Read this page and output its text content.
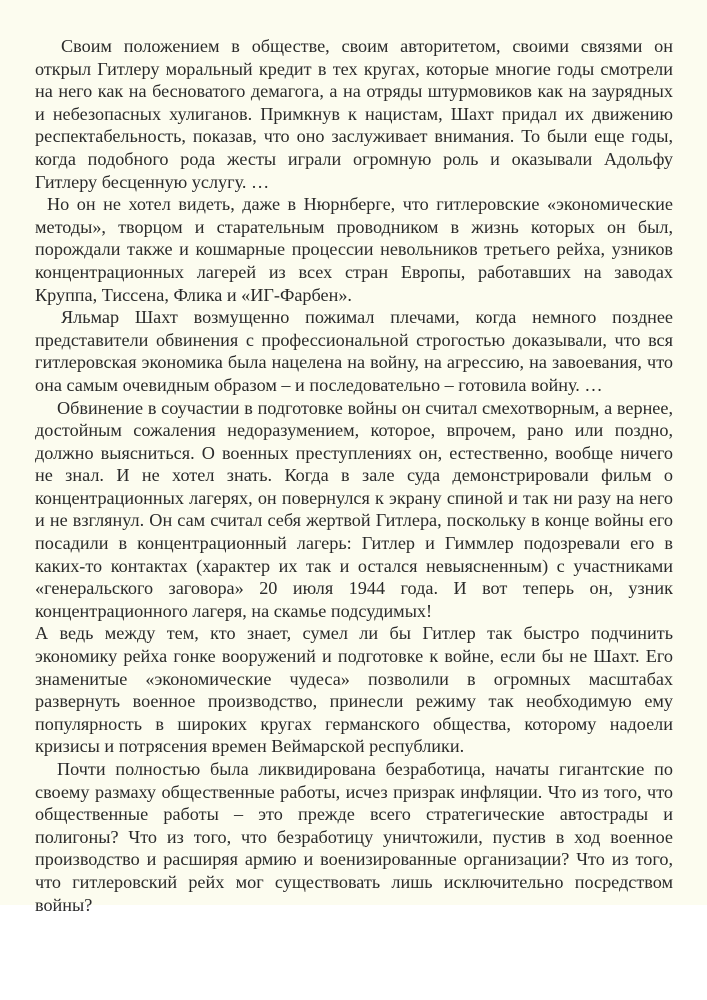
Своим положением в обществе, своим авторитетом, своими связями он открыл Гитлеру моральный кредит в тех кругах, которые многие годы смотрели на него как на бесноватого демагога, а на отряды штурмовиков как на заурядных и небезопасных хулиганов. Примкнув к нацистам, Шахт придал их движению респектабельность, показав, что оно заслуживает внимания. То были еще годы, когда подобного рода жесты играли огромную роль и оказывали Адольфу Гитлеру бесценную услугу. …

Но он не хотел видеть, даже в Нюрнберге, что гитлеровские «экономические методы», творцом и старательным проводником в жизнь которых он был, порождали также и кошмарные процессии невольников третьего рейха, узников концентрационных лагерей из всех стран Европы, работавших на заводах Круппа, Тиссена, Флика и «ИГ-Фарбен».

Яльмар Шахт возмущенно пожимал плечами, когда немного позднее представители обвинения с профессиональной строгостью доказывали, что вся гитлеровская экономика была нацелена на войну, на агрессию, на завоевания, что она самым очевидным образом – и последовательно – готовила войну. …

Обвинение в соучастии в подготовке войны он считал смехотворным, а вернее, достойным сожаления недоразумением, которое, впрочем, рано или поздно, должно выясниться. О военных преступлениях он, естественно, вообще ничего не знал. И не хотел знать. Когда в зале суда демонстрировали фильм о концентрационных лагерях, он повернулся к экрану спиной и так ни разу на него и не взглянул. Он сам считал себя жертвой Гитлера, поскольку в конце войны его посадили в концентрационный лагерь: Гитлер и Гиммлер подозревали его в каких-то контактах (характер их так и остался невыясненным) с участниками «генеральского заговора» 20 июля 1944 года. И вот теперь он, узник концентрационного лагеря, на скамье подсудимых!

А ведь между тем, кто знает, сумел ли бы Гитлер так быстро подчинить экономику рейха гонке вооружений и подготовке к войне, если бы не Шахт. Его знаменитые «экономические чудеса» позволили в огромных масштабах развернуть военное производство, принесли режиму так необходимую ему популярность в широких кругах германского общества, которому надоели кризисы и потрясения времен Веймарской республики.

Почти полностью была ликвидирована безработица, начаты гигантские по своему размаху общественные работы, исчез призрак инфляции. Что из того, что общественные работы – это прежде всего стратегические автострады и полигоны? Что из того, что безработицу уничтожили, пустив в ход военное производство и расширяя армию и военизированные организации? Что из того, что гитлеровский рейх мог существовать лишь исключительно посредством войны?
